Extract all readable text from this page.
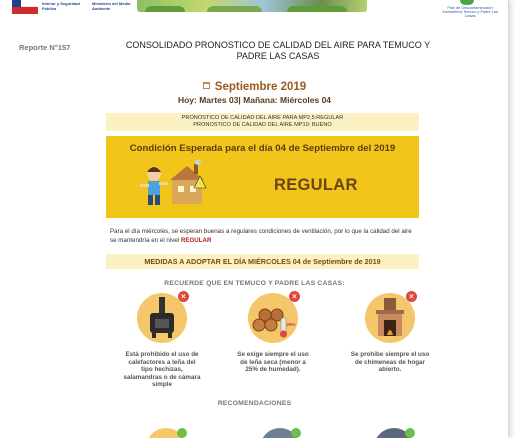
Interior y Seguridad Pública
Ministerio del Medio Ambiente	Plan de Descontaminación Atmosférica Temuco y Padre Las Casas
Reporte N°157	CONSOLIDADO PRONOSTICO DE CALIDAD DEL AIRE PARA TEMUCO Y PADRE LAS CASAS
Septiembre 2019
Hoy: Martes 03| Mañana: Miércoles 04
PRONOSTICO DE CALIDAD DEL AIRE PARA MP2,5:REGULAR
PRONOSTICO DE CALIDAD DEL AIRE MP10: BUENO
Condición Esperada para el día 04 de Septiembre del 2019
REGULAR
Para el día miércoles, se esperan buenas a regulares condiciones de ventilación, por lo que la calidad del aire se mantendría en el nivel REGULAR
MEDIDAS A ADOPTAR EL DÍA MIÉRCOLES 04 de Septiembre de 2019
RECUERDE QUE EN TEMUCO Y PADRE LAS CASAS:
×
Está prohibido el uso de calefactores a leña del tipo hechizas, salamandras o de cámara simple
25%
×
Se exige siempre el uso de leña seca (menor a 25% de humedad).
×
Se prohibe siempre el uso de chimeneas de hogar abierto.
RECOMENDACIONES
